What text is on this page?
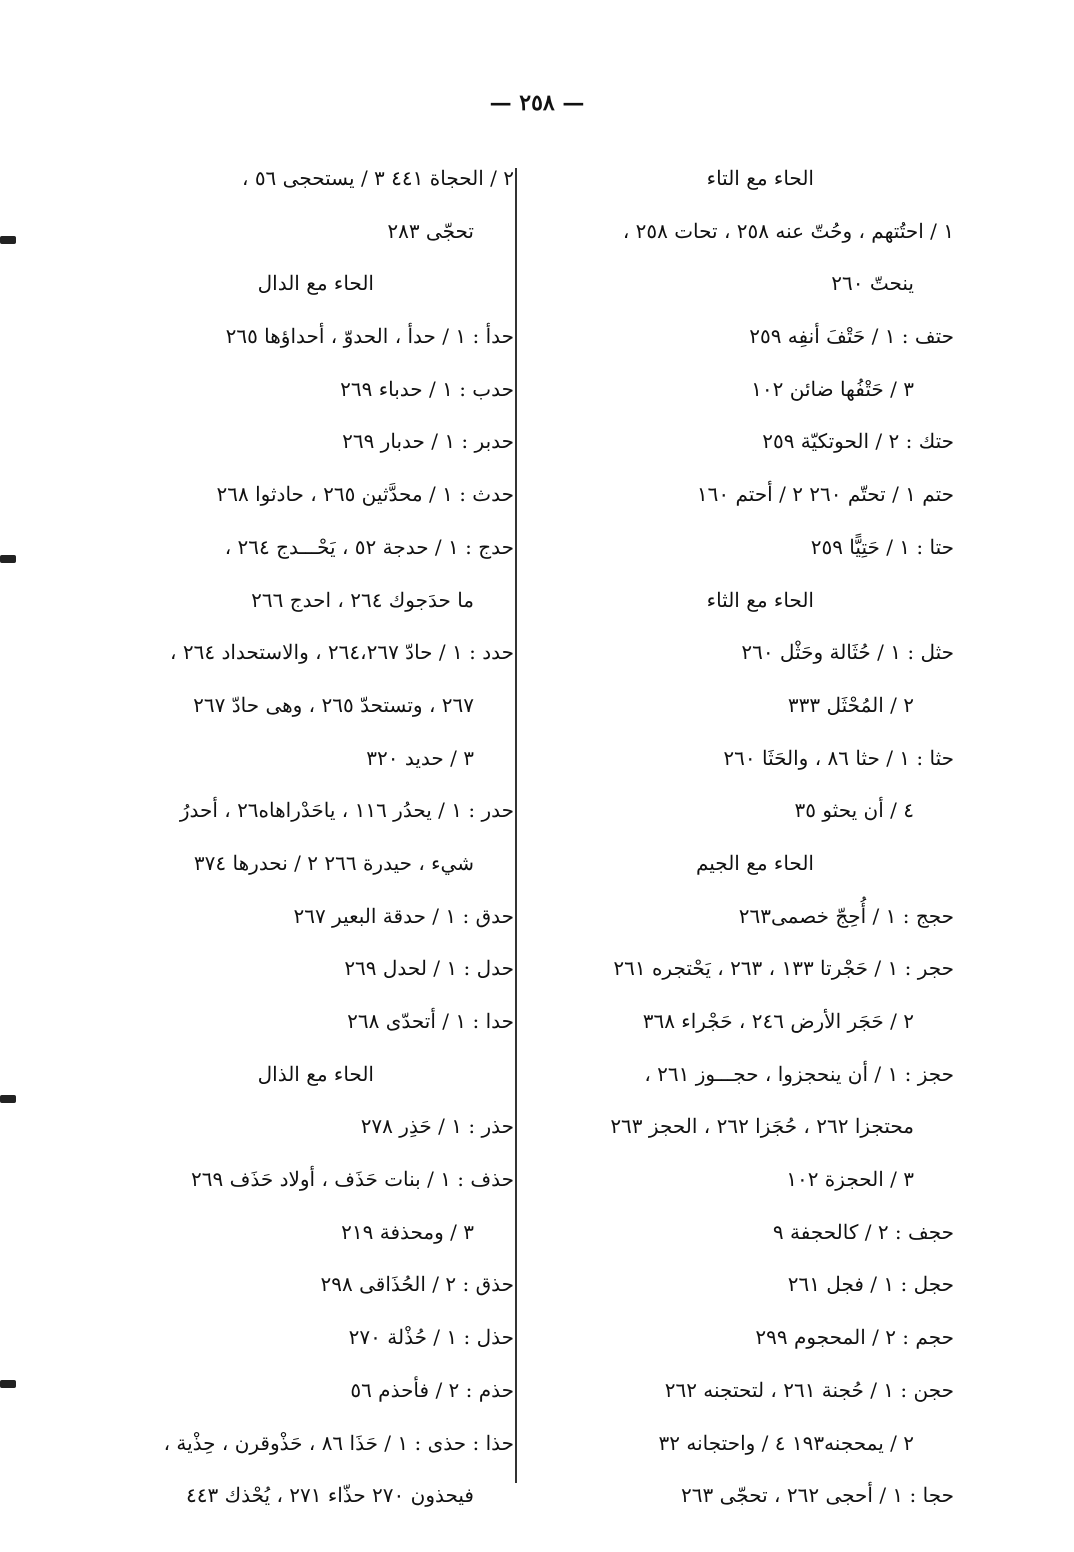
— ٢٥٨ —
الحاء مع التاء
١ / احتُتهم ، وحُتّ عنه ٢٥٨ ، تحات ٢٥٨ ،
ينحتّ ٢٦٠
حتف : ١ / حَتْفَ أنفِه ٢٥٩
٣ / حَتْفُها ضائن ١٠٢
حتك : ٢ / الحوتكيّة ٢٥٩
حتم ١ / تحتّم ٢٦٠ ٢ / أحتم ١٦٠
حتا : ١ / حَتِيًّا ٢٥٩
الحاء مع الثاء
حثل : ١ / حُثَالة وحَثْل ٢٦٠
٢ / المُحْثَل ٣٣٣
حثا : ١ / حثا ٨٦ ، والحَثَا ٢٦٠
٤ / أن يحثو ٣٥
الحاء مع الجيم
حجج : ١ / أُحِجّ خصمى٢٦٣
حجر : ١ / حَجْرتا ١٣٣ ، ٢٦٣ ، يَحْتجره ٢٦١
٢ / حَجَر الأرض ٢٤٦ ، حَجْراء ٣٦٨
حجز : ١ / أن ينحجزوا ، حجـــوز ٢٦١ ،
محتجزا ٢٦٢ ، حُجَزا ٢٦٢ ، الحجز ٢٦٣
٣ / الحجزة ١٠٢
حجف : ٢ / كالحجفة ٩
حجل : ١ / فجل ٢٦١
حجم : ٢ / المحجوم ٢٩٩
حجن : ١ / حُجنة ٢٦١ ، لتحتجنه ٢٦٢
٢ / يمحجنه١٩٣ ٤ / واحتجانه ٣٢
حجا : ١ / أحجى ٢٦٢ ، تحجّى ٢٦٣
٢ / الحجاة ٤٤١ ٣ / يستحجى ٥٦ ،
تحجّى ٢٨٣
الحاء مع الدال
حدأ : ١ / حدأ ، الحدوّ ، أحداؤها ٢٦٥
حدب : ١ / حدباء ٢٦٩
حدبر : ١ / حدبار ٢٦٩
حدث : ١ / محدَّثين ٢٦٥ ، حادثوا ٢٦٨
حدج : ١ / حدجة ٥٢ ، يَحْـــدج ٢٦٤ ،
ما حدَجوك ٢٦٤ ، احدج ٢٦٦
حدد : ١ / حادّ ٢٦٤،٢٦٧ ، والاستحداد ٢٦٤ ،
٢٦٧ ، وتستحدّ ٢٦٥ ، وهى حادّ ٢٦٧
٣ / حديد ٣٢٠
حدر : ١ / يحدُر ١١٦ ، ياحَدْراهاه٢٦ ، أحدرُ
شيء ، حيدرة ٢٦٦ ٢ / نحدرها ٣٧٤
حدق : ١ / حدقة البعير ٢٦٧
حدل : ١ / لحدل ٢٦٩
حدا : ١ / أتحدّى ٢٦٨
الحاء مع الذال
حذر : ١ / حَذِر ٢٧٨
حذف : ١ / بنات حَذَف ، أولاد حَذَف ٢٦٩
٣ / ومحذفة ٢١٩
حذق : ٢ / الحُذَاقى ٢٩٨
حذل : ١ / حُذْلة ٢٧٠
حذم : ٢ / فأحذم ٥٦
حذا : حذى : ١ / حَذَا ٨٦ ، حَذْوقرن ، حِذْية ،
فيحذون ٢٧٠ حذّاء ٢٧١ ، يُحْذك ٤٤٣
